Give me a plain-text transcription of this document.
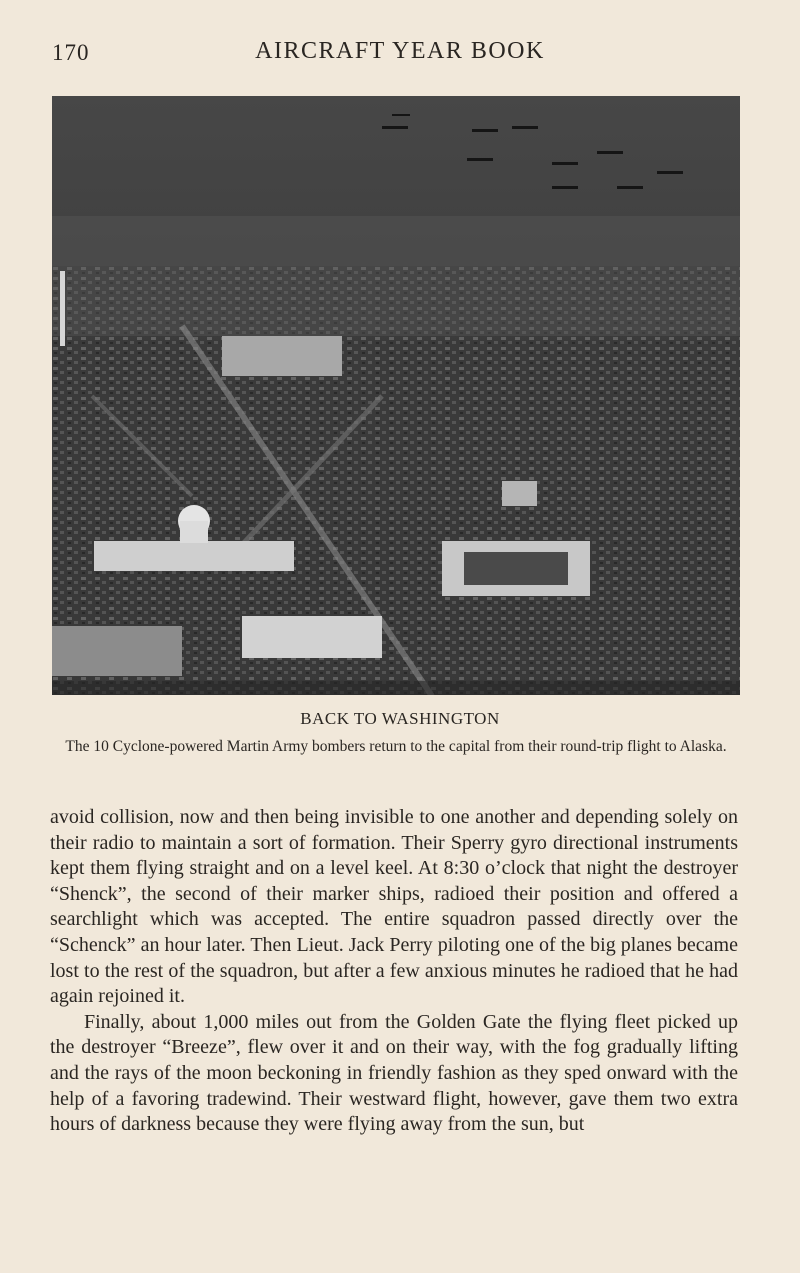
170	AIRCRAFT YEAR BOOK
BACK TO WASHINGTON
The 10 Cyclone-powered Martin Army bombers return to the capital from their round-trip flight to Alaska.

avoid collision, now and then being invisible to one another and depending solely on their radio to maintain a sort of formation. Their Sperry gyro directional instruments kept them flying straight and on a level keel. At 8:30 o’clock that night the destroyer “Shenck”, the second of their marker ships, radioed their position and offered a searchlight which was accepted. The entire squadron passed directly over the “Schenck” an hour later. Then Lieut. Jack Perry piloting one of the big planes became lost to the rest of the squadron, but after a few anxious minutes he radioed that he had again rejoined it.

Finally, about 1,000 miles out from the Golden Gate the flying fleet picked up the destroyer “Breeze”, flew over it and on their way, with the fog gradually lifting and the rays of the moon beckoning in friendly fashion as they sped onward with the help of a favoring tradewind. Their westward flight, however, gave them two extra hours of darkness because they were flying away from the sun, but
